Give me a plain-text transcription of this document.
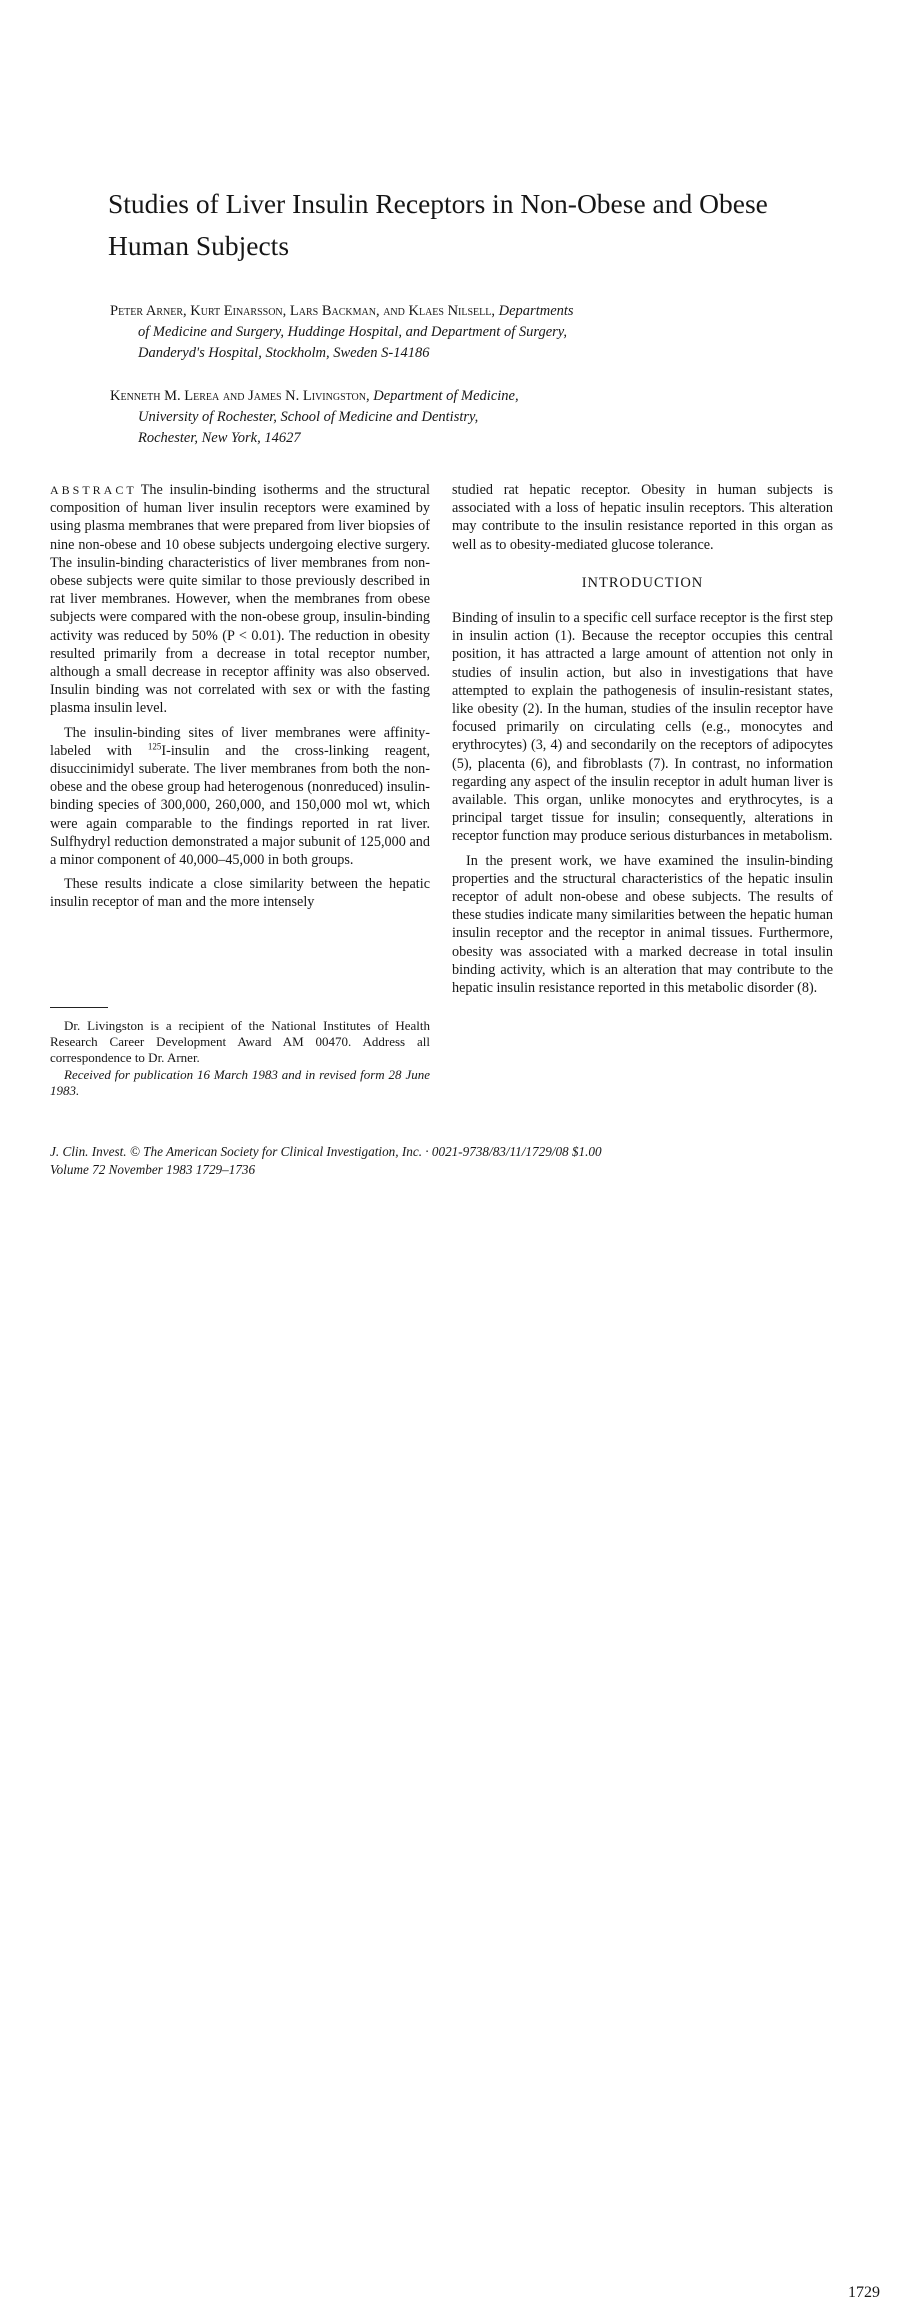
Studies of Liver Insulin Receptors in Non-Obese and Obese Human Subjects
Peter Arner, Kurt Einarsson, Lars Backman, and Klaes Nilsell, Departments
of Medicine and Surgery, Huddinge Hospital, and Department of Surgery,
Danderyd's Hospital, Stockholm, Sweden S-14186
Kenneth M. Lerea and James N. Livingston, Department of Medicine,
University of Rochester, School of Medicine and Dentistry,
Rochester, New York, 14627

ABSTRACT The insulin-binding isotherms and the structural composition of human liver insulin receptors were examined by using plasma membranes that were prepared from liver biopsies of nine non-obese and 10 obese subjects undergoing elective surgery. The insulin-binding characteristics of liver membranes from non-obese subjects were quite similar to those previously described in rat liver membranes. However, when the membranes from obese subjects were compared with the non-obese group, insulin-binding activity was reduced by 50% (P < 0.01). The reduction in obesity resulted primarily from a decrease in total receptor number, although a small decrease in receptor affinity was also observed. Insulin binding was not correlated with sex or with the fasting plasma insulin level.

The insulin-binding sites of liver membranes were affinity-labeled with $^{125}$I-insulin and the cross-linking reagent, disuccinimidyl suberate. The liver membranes from both the non-obese and the obese group had heterogenous (nonreduced) insulin-binding species of 300,000, 260,000, and 150,000 mol wt, which were again comparable to the findings reported in rat liver. Sulfhydryl reduction demonstrated a major subunit of 125,000 and a minor component of 40,000–45,000 in both groups.

These results indicate a close similarity between the hepatic insulin receptor of man and the more intensely

Dr. Livingston is a recipient of the National Institutes of Health Research Career Development Award AM 00470. Address all correspondence to Dr. Arner.

Received for publication 16 March 1983 and in revised form 28 June 1983.

studied rat hepatic receptor. Obesity in human subjects is associated with a loss of hepatic insulin receptors. This alteration may contribute to the insulin resistance reported in this organ as well as to obesity-mediated glucose tolerance.

INTRODUCTION

Binding of insulin to a specific cell surface receptor is the first step in insulin action (1). Because the receptor occupies this central position, it has attracted a large amount of attention not only in studies of insulin action, but also in investigations that have attempted to explain the pathogenesis of insulin-resistant states, like obesity (2). In the human, studies of the insulin receptor have focused primarily on circulating cells (e.g., monocytes and erythrocytes) (3, 4) and secondarily on the receptors of adipocytes (5), placenta (6), and fibroblasts (7). In contrast, no information regarding any aspect of the insulin receptor in adult human liver is available. This organ, unlike monocytes and erythrocytes, is a principal target tissue for insulin; consequently, alterations in receptor function may produce serious disturbances in metabolism.

In the present work, we have examined the insulin-binding properties and the structural characteristics of the hepatic insulin receptor of adult non-obese and obese subjects. The results of these studies indicate many similarities between the hepatic human insulin receptor and the receptor in animal tissues. Furthermore, obesity was associated with a marked decrease in total insulin binding activity, which is an alteration that may contribute to the hepatic insulin resistance reported in this metabolic disorder (8).

J. Clin. Invest. © The American Society for Clinical Investigation, Inc. · 0021-9738/83/11/1729/08 $1.00
Volume 72 November 1983 1729–1736
1729
